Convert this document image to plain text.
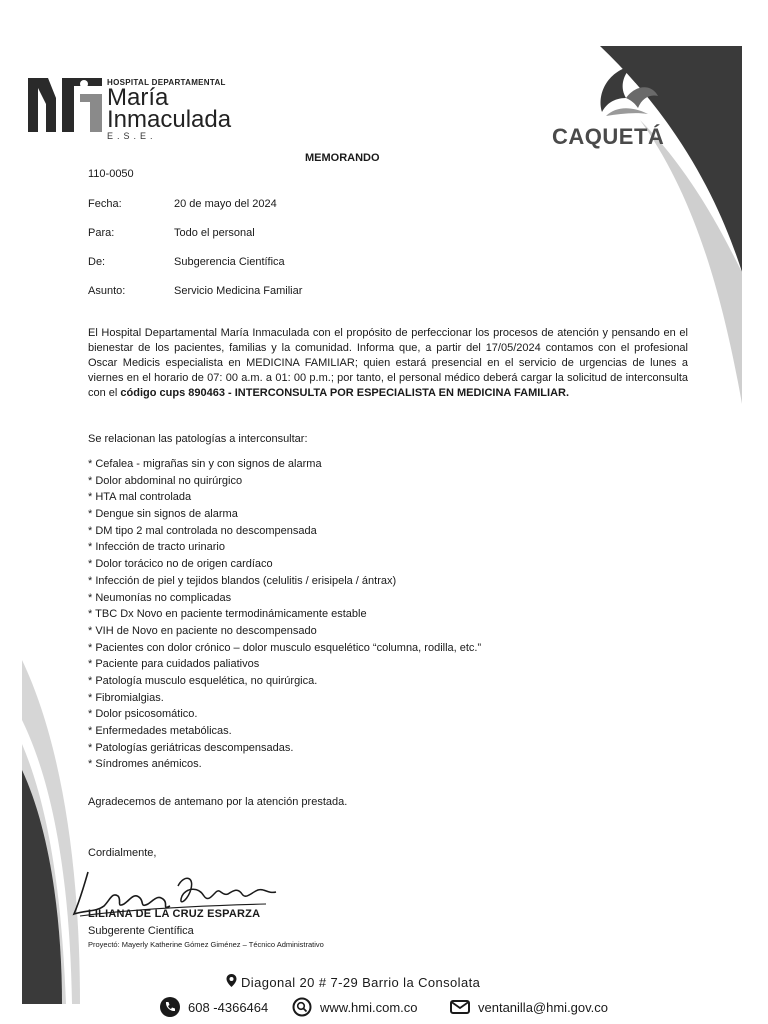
HOSPITAL DEPARTAMENTAL
María
Inmaculada
E.S.E.	CAQUETÁ
MEMORANDO
110-0050
Fecha:	20 de mayo del 2024
Para:	Todo el personal
De:	Subgerencia Científica
Asunto:	Servicio Medicina Familiar
El Hospital Departamental María Inmaculada con el propósito de perfeccionar los procesos de atención y pensando en el bienestar de los pacientes, familias y la comunidad. Informa que, a partir del 17/05/2024 contamos con el profesional Oscar Medicis especialista en MEDICINA FAMILIAR; quien estará presencial en el servicio de urgencias de lunes a viernes en el horario de 07: 00 a.m. a 01: 00 p.m.; por tanto, el personal médico deberá cargar la solicitud de interconsulta con el código cups 890463 - INTERCONSULTA POR ESPECIALISTA EN MEDICINA FAMILIAR.
Se relacionan las patologías a interconsultar:
* Cefalea - migrañas sin y con signos de alarma
* Dolor abdominal no quirúrgico
* HTA mal controlada
* Dengue sin signos de alarma
* DM tipo 2 mal controlada no descompensada
* Infección de tracto urinario
* Dolor torácico no de origen cardíaco
* Infección de piel y tejidos blandos (celulitis / erisipela / ántrax)
* Neumonías no complicadas
* TBC Dx Novo en paciente termodinámicamente estable
* VIH de Novo en paciente no descompensado
* Pacientes con dolor crónico – dolor musculo esquelético “columna, rodilla, etc.”
* Paciente para cuidados paliativos
* Patología musculo esquelética, no quirúrgica.
* Fibromialgias.
* Dolor psicosomático.
* Enfermedades metabólicas.
* Patologías geriátricas descompensadas.
* Síndromes anémicos.
Agradecemos de antemano por la atención prestada.
Cordialmente,
LILIANA DE LA CRUZ ESPARZA
Subgerente Científica
Proyectó: Mayerly Katherine Gómez Giménez – Técnico Administrativo
Diagonal 20 # 7-29 Barrio la Consolata
608 -4366464	www.hmi.com.co	ventanilla@hmi.gov.co
